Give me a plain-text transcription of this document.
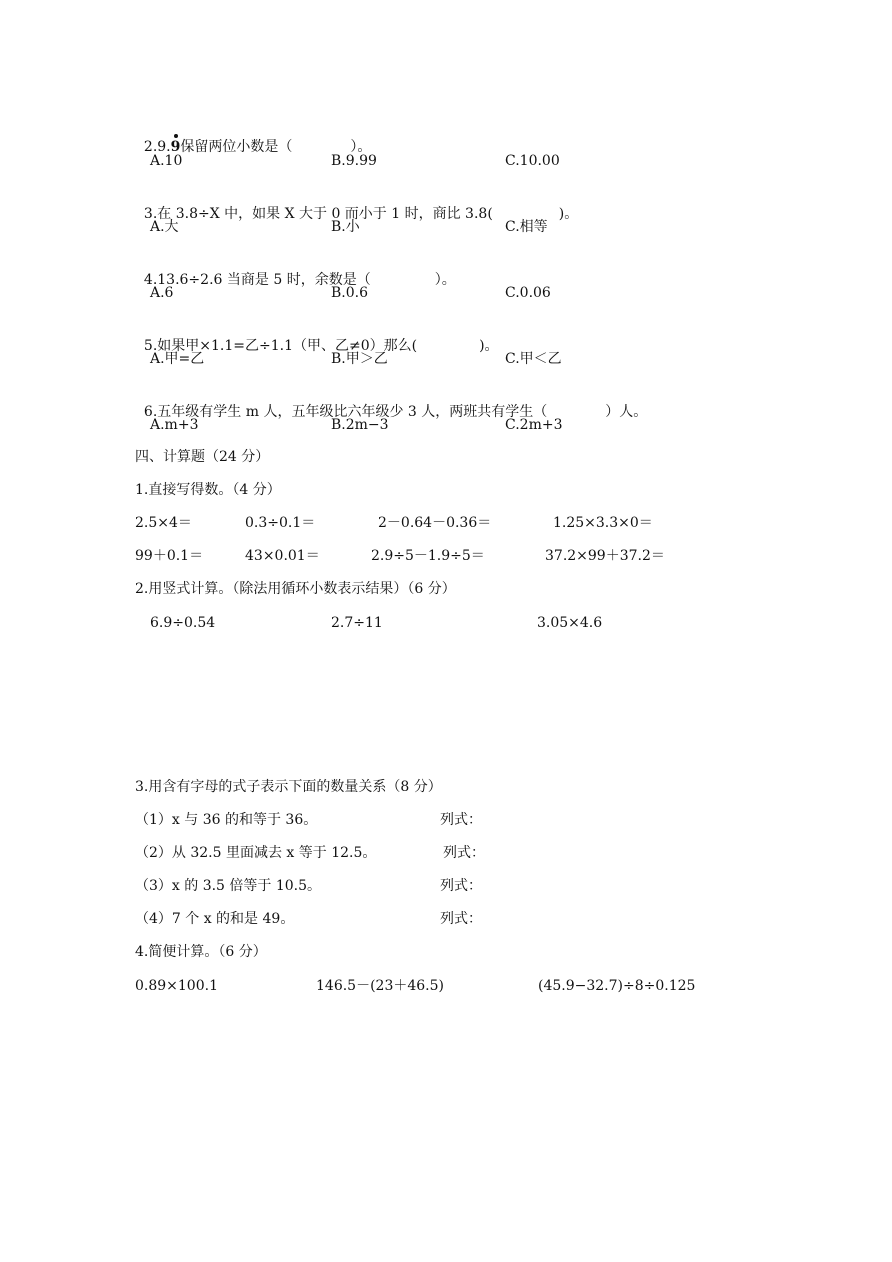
2.9.9保留两位小数是（	）。

A.10	B.9.99	C.10.00

3.在 3.8÷X 中，如果 X 大于 0 而小于 1 时，商比 3.8(	)。

A.大	B.小	C.相等

4.13.6÷2.6 当商是 5 时，余数是（	）。

A.6	B.0.6	C.0.06

5.如果甲×1.1=乙÷1.1（甲、乙≠0）那么(	)。

A.甲=乙	B.甲＞乙	C.甲＜乙

6.五年级有学生 m 人，五年级比六年级少 3 人，两班共有学生（	）人。

A.m+3	B.2m−3	C.2m+3
四、计算题（24 分）
1.直接写得数。（4 分）
2.5×4＝	0.3÷0.1＝	2－0.64－0.36＝	1.25×3.3×0＝
99＋0.1＝	43×0.01＝	2.9÷5－1.9÷5＝	37.2×99＋37.2＝
2.用竖式计算。（除法用循环小数表示结果）（6 分）
6.9÷0.54	2.7÷11	3.05×4.6
3.用含有字母的式子表示下面的数量关系（8 分）
（1）x 与 36 的和等于 36。	列式：
（2）从 32.5 里面减去 x 等于 12.5。	列式：
（3）x 的 3.5 倍等于 10.5。	列式：
（4）7 个 x 的和是 49。	列式：
4.简便计算。（6 分）
0.89×100.1	146.5－(23＋46.5)	(45.9−32.7)÷8÷0.125
